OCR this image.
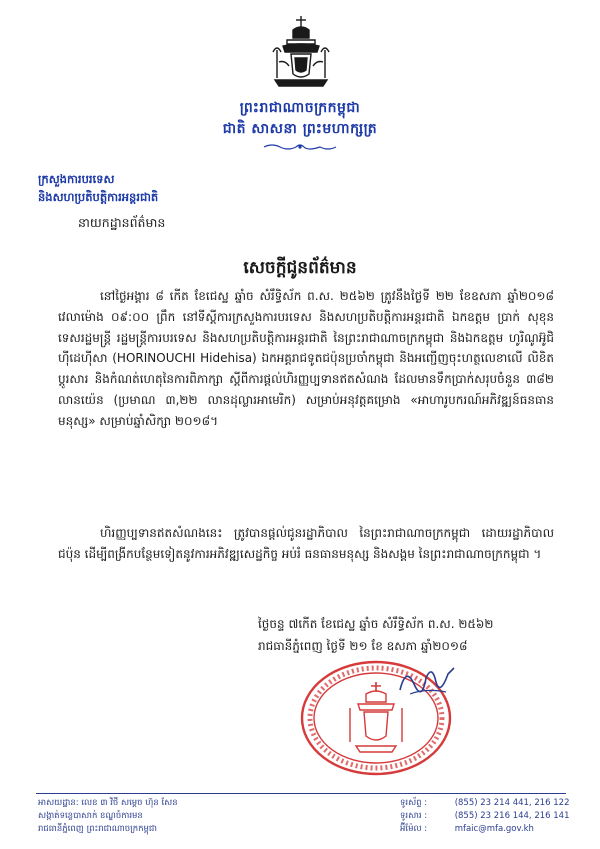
ព្រះរាជាណាចក្រកម្ពុជា
ជាតិ សាសនា ព្រះមហាក្សត្រ
ក្រសួងការបរទេស
និងសហប្រតិបត្តិការអន្តរជាតិ
នាយកដ្ឋានព័ត៌មាន
សេចក្តីជូនព័ត៌មាន
នៅថ្ងៃអង្គារ ៨ កើត ខែជេស្ឋ ឆ្នាំច សំរឹទ្ធិស័ក ព.ស. ២៥៦២ ត្រូវនឹងថ្ងៃទី ២២ ខែឧសភា ឆ្នាំ២០១៨ វេលាម៉ោង ០៩:០០ ព្រឹក នៅទីស្តីការក្រសួងការបរទេស និងសហប្រតិបត្តិការអន្តរជាតិ ឯកឧត្តម ប្រាក់ សុខុន ទេសរដ្ឋមន្ត្រី រដ្ឋមន្ត្រីការបរទេស និងសហប្រតិបត្តិការអន្តរជាតិ នៃព្រះរាជាណាចក្រកម្ពុជា និងឯកឧត្តម ហូរិណូអ៊ូជិ ហ៊ីដេហ៊ីសា (HORINOUCHI Hidehisa) ឯកអគ្គរាជទូតជប៉ុនប្រចាំកម្ពុជា និងអញ្ជើញចុះហត្ថលេខាលើ លិខិតប្តូរសារ និងកំណត់ហេតុនៃការពិភាក្សា ស្តីពីការផ្តល់ហិរញ្ញប្បទានឥតសំណង ដែលមានទឹកប្រាក់សរុបចំនួន ៣៨២ លានយ៉េន (ប្រមាណ ៣,២២ លានដុល្លារអាមេរិក) សម្រាប់អនុវត្តគម្រោង «អាហារូបករណ៍អភិវឌ្ឍន៍ធនធានមនុស្ស» សម្រាប់ឆ្នាំសិក្សា ២០១៨។
ហិរញ្ញប្បទានឥតសំណងនេះ ត្រូវបានផ្តល់ជូនរដ្ឋាភិបាល នៃព្រះរាជាណាចក្រកម្ពុជា ដោយរដ្ឋាភិបាលជប៉ុន ដើម្បីពង្រីកបន្ថែមទៀតនូវការអភិវឌ្ឍសេដ្ឋកិច្ច អប់រំ ធនធានមនុស្ស និងសង្គម នៃព្រះរាជាណាចក្រកម្ពុជា ។
ថ្ងៃចន្ទ ៧កើត ខែជេស្ឋ ឆ្នាំច សំរឹទ្ធិស័ក ព.ស. ២៥៦២
រាជធានីភ្នំពេញ ថ្ងៃទី ២១ ខែ ឧសភា ឆ្នាំ២០១៨
អាសយដ្ឋាន: លេខ ៣ វិថី សម្តេច ហ៊ុន សែន
សង្កាត់ទន្លេបាសាក់ ខណ្ឌចំការមន
រាជធានីភ្នំពេញ ព្រះរាជាណាចក្រកម្ពុជា
ទូរស័ព្ទ :	(855) 23 214 441, 216 122
ទូរសារ :	(855) 23 216 144, 216 141
អ៊ីម៉ែល :	mfaic@mfa.gov.kh
